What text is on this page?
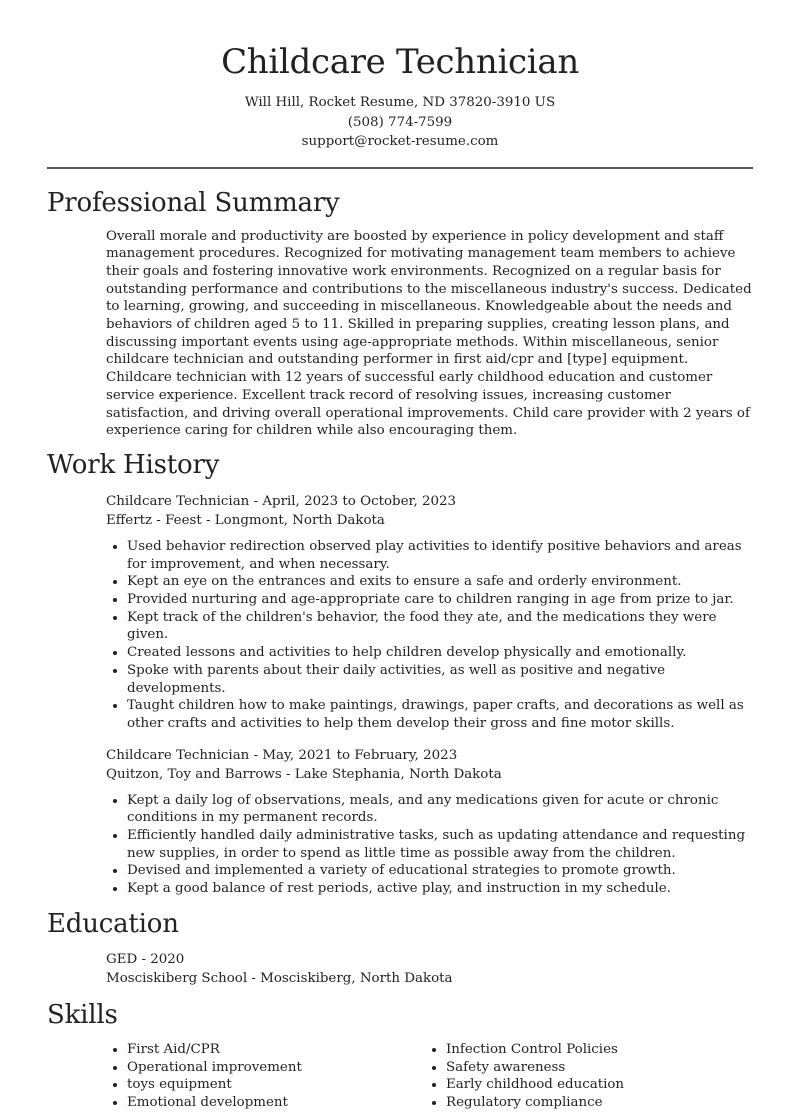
Childcare Technician
Will Hill, Rocket Resume, ND 37820-3910 US
(508) 774-7599
support@rocket-resume.com
Professional Summary
Overall morale and productivity are boosted by experience in policy development and staff management procedures. Recognized for motivating management team members to achieve their goals and fostering innovative work environments. Recognized on a regular basis for outstanding performance and contributions to the miscellaneous industry's success. Dedicated to learning, growing, and succeeding in miscellaneous. Knowledgeable about the needs and behaviors of children aged 5 to 11. Skilled in preparing supplies, creating lesson plans, and discussing important events using age-appropriate methods. Within miscellaneous, senior childcare technician and outstanding performer in first aid/cpr and [type] equipment. Childcare technician with 12 years of successful early childhood education and customer service experience. Excellent track record of resolving issues, increasing customer satisfaction, and driving overall operational improvements. Child care provider with 2 years of experience caring for children while also encouraging them.
Work History
Childcare Technician - April, 2023 to October, 2023
Effertz - Feest - Longmont, North Dakota
• Used behavior redirection observed play activities to identify positive behaviors and areas for improvement, and when necessary.
• Kept an eye on the entrances and exits to ensure a safe and orderly environment.
• Provided nurturing and age-appropriate care to children ranging in age from prize to jar.
• Kept track of the children's behavior, the food they ate, and the medications they were given.
• Created lessons and activities to help children develop physically and emotionally.
• Spoke with parents about their daily activities, as well as positive and negative developments.
• Taught children how to make paintings, drawings, paper crafts, and decorations as well as other crafts and activities to help them develop their gross and fine motor skills.
Childcare Technician - May, 2021 to February, 2023
Quitzon, Toy and Barrows - Lake Stephania, North Dakota
• Kept a daily log of observations, meals, and any medications given for acute or chronic conditions in my permanent records.
• Efficiently handled daily administrative tasks, such as updating attendance and requesting new supplies, in order to spend as little time as possible away from the children.
• Devised and implemented a variety of educational strategies to promote growth.
• Kept a good balance of rest periods, active play, and instruction in my schedule.
Education
GED - 2020
Mosciskiberg School - Mosciskiberg, North Dakota
Skills
• First Aid/CPR
• Operational improvement
• toys equipment
• Emotional development
• Infection Control Policies
• Safety awareness
• Early childhood education
• Regulatory compliance
